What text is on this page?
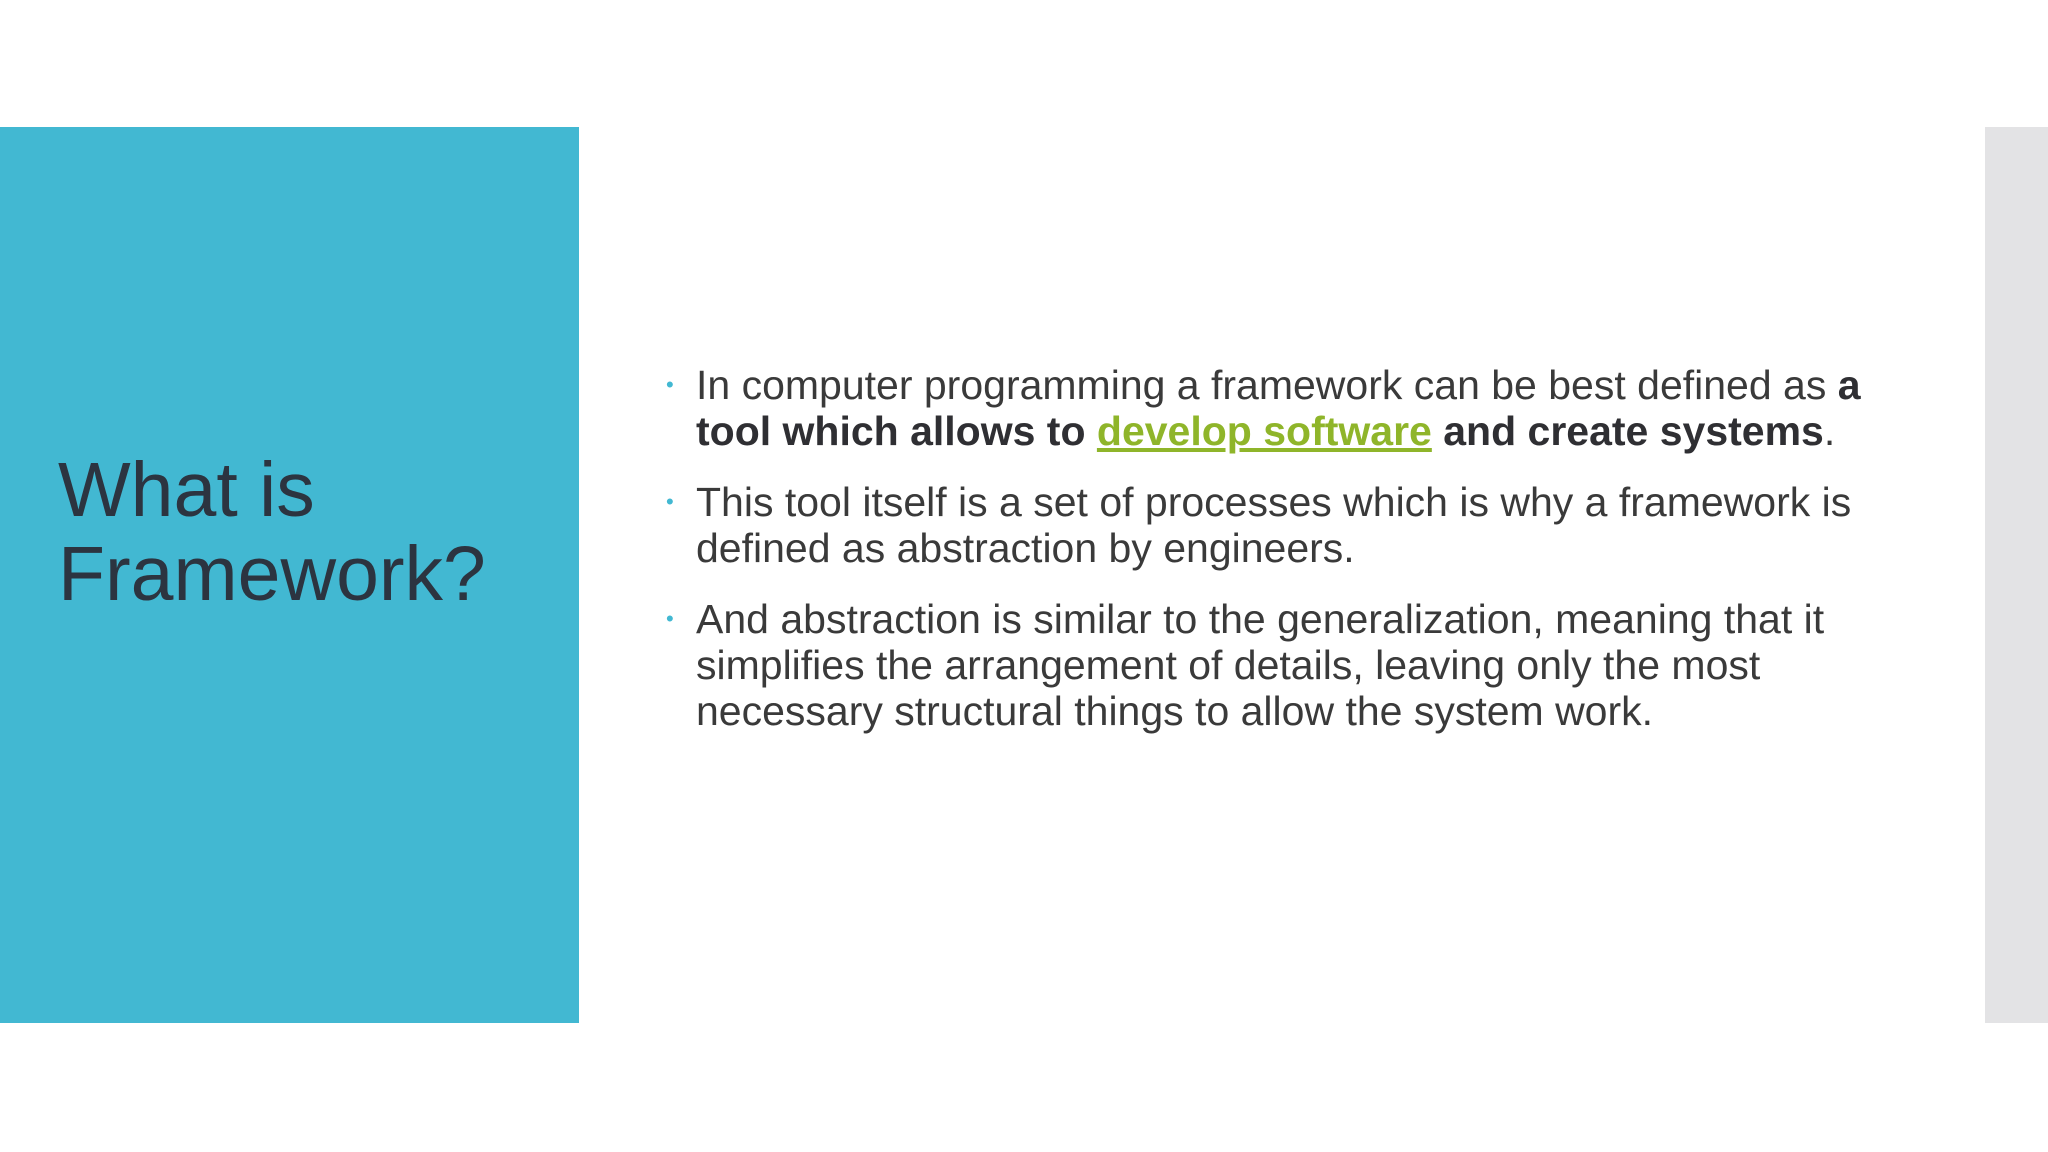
What is
Framework?
• In computer programming a framework can be best defined as a tool which allows to develop software and create systems.
• This tool itself is a set of processes which is why a framework is defined as abstraction by engineers.
• And abstraction is similar to the generalization, meaning that it simplifies the arrangement of details, leaving only the most necessary structural things to allow the system work.
